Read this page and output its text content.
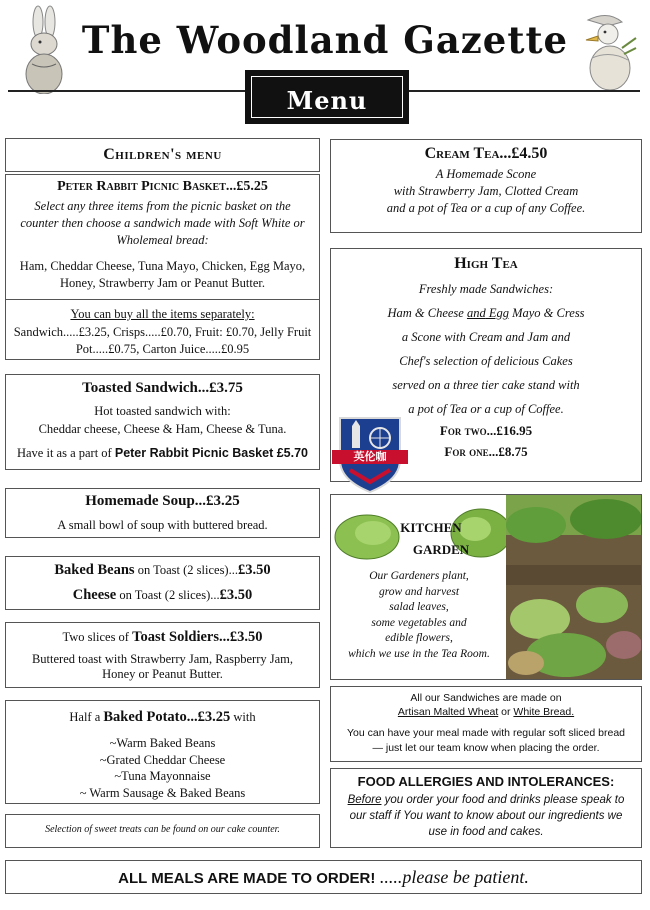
The Woodland Gazette
Menu
Children's menu
Peter Rabbit Picnic Basket...£5.25

Select any three items from the picnic basket on the counter then choose a sandwich made with Soft White or Wholemeal bread:

Ham, Cheddar Cheese, Tuna Mayo, Chicken, Egg Mayo, Honey, Strawberry Jam or Peanut Butter.

You can buy all the items separately:

Sandwich.....£3.25, Crisps.....£0.70, Fruit: £0.70, Jelly Fruit Pot.....£0.75, Carton Juice.....£0.95

Toasted Sandwich...£3.75

Hot toasted sandwich with:

Cheddar cheese, Cheese & Ham, Cheese & Tuna.

Have it as a part of Peter Rabbit Picnic Basket £5.70

Homemade Soup...£3.25

A small bowl of soup with buttered bread.

Baked Beans on Toast (2 slices)...£3.50

Cheese on Toast (2 slices)...£3.50

Two slices of Toast Soldiers...£3.50

Buttered toast with Strawberry Jam, Raspberry Jam, Honey or Peanut Butter.

Half a Baked Potato...£3.25 with

~Warm Baked Beans
~Grated Cheddar Cheese
~Tuna Mayonnaise
~ Warm Sausage & Baked Beans

Selection of sweet treats can be found on our cake counter.

Cream Tea...£4.50
A Homemade Scone
with Strawberry Jam, Clotted Cream
and a pot of Tea or a cup of any Coffee.
High Tea
Freshly made Sandwiches:
Ham & Cheese and Egg Mayo & Cress
a Scone with Cream and Jam and
Chef's selection of delicious Cakes
served on a three tier cake stand with
a pot of Tea or a cup of Coffee.
For two...£16.95
For one...£8.75
英伦咖
KITCHEN
GARDEN
Our Gardeners plant,
grow and harvest
salad leaves,
some vegetables and
edible flowers,
which we use in the Tea Room.

All our Sandwiches are made on

Artisan Malted Wheat or White Bread.

You can have your meal made with regular soft sliced bread — just let our team know when placing the order.

FOOD ALLERGIES AND INTOLERANCES:

Before you order your food and drinks please speak to our staff if You want to know about our ingredients we use in food and cakes.

ALL MEALS ARE MADE TO ORDER! .....please be patient.
